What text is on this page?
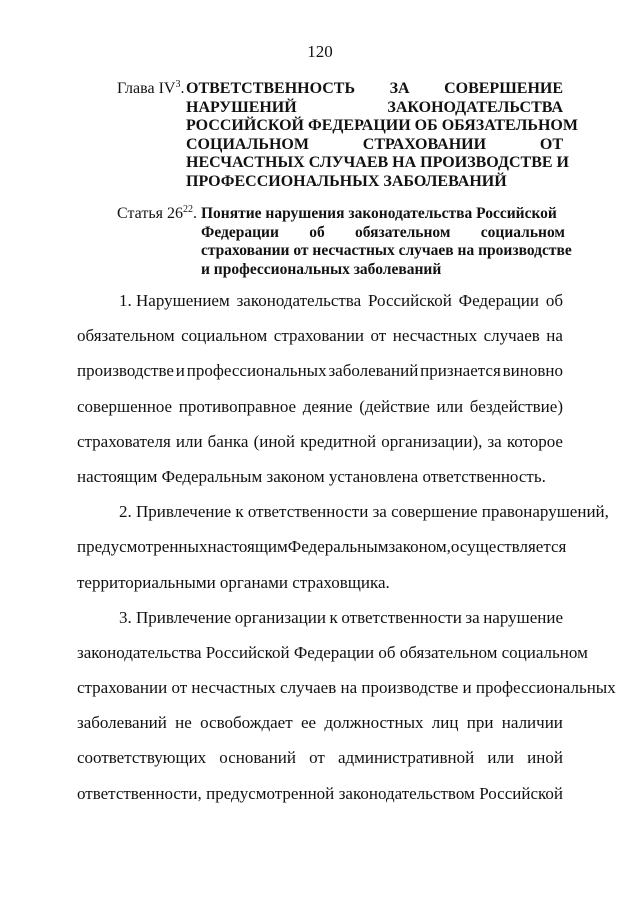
120
Глава $IV^3$. ОТВЕТСТВЕННОСТЬ ЗА СОВЕРШЕНИЕ
НАРУШЕНИЙ	ЗАКОНОДАТЕЛЬСТВА
РОССИЙСКОЙ ФЕДЕРАЦИИ ОБ ОБЯЗАТЕЛЬНОМ
СОЦИАЛЬНОМ	СТРАХОВАНИИ	ОТ
НЕСЧАСТНЫХ СЛУЧАЕВ НА ПРОИЗВОДСТВЕ И
ПРОФЕССИОНАЛЬНЫХ ЗАБОЛЕВАНИЙ
Статья $26^{22}$. Понятие нарушения законодательства Российской
Федерации об обязательном социальном
страховании от несчастных случаев на производстве
и профессиональных заболеваний
1. Нарушением законодательства Российской Федерации об
обязательном социальном страховании от несчастных случаев на
производстве и профессиональных заболеваний признается виновно
совершенное противоправное деяние (действие или бездействие)
страхователя или банка (иной кредитной организации), за которое
настоящим Федеральным законом установлена ответственность.
2. Привлечение к ответственности за совершение правонарушений,
предусмотренных настоящим Федеральным законом, осуществляется
территориальными органами страховщика.
3. Привлечение организации к ответственности за нарушение
законодательства Российской Федерации об обязательном социальном
страховании от несчастных случаев на производстве и профессиональных
заболеваний не освобождает ее должностных лиц при наличии
соответствующих оснований от административной или иной
ответственности, предусмотренной законодательством Российской
